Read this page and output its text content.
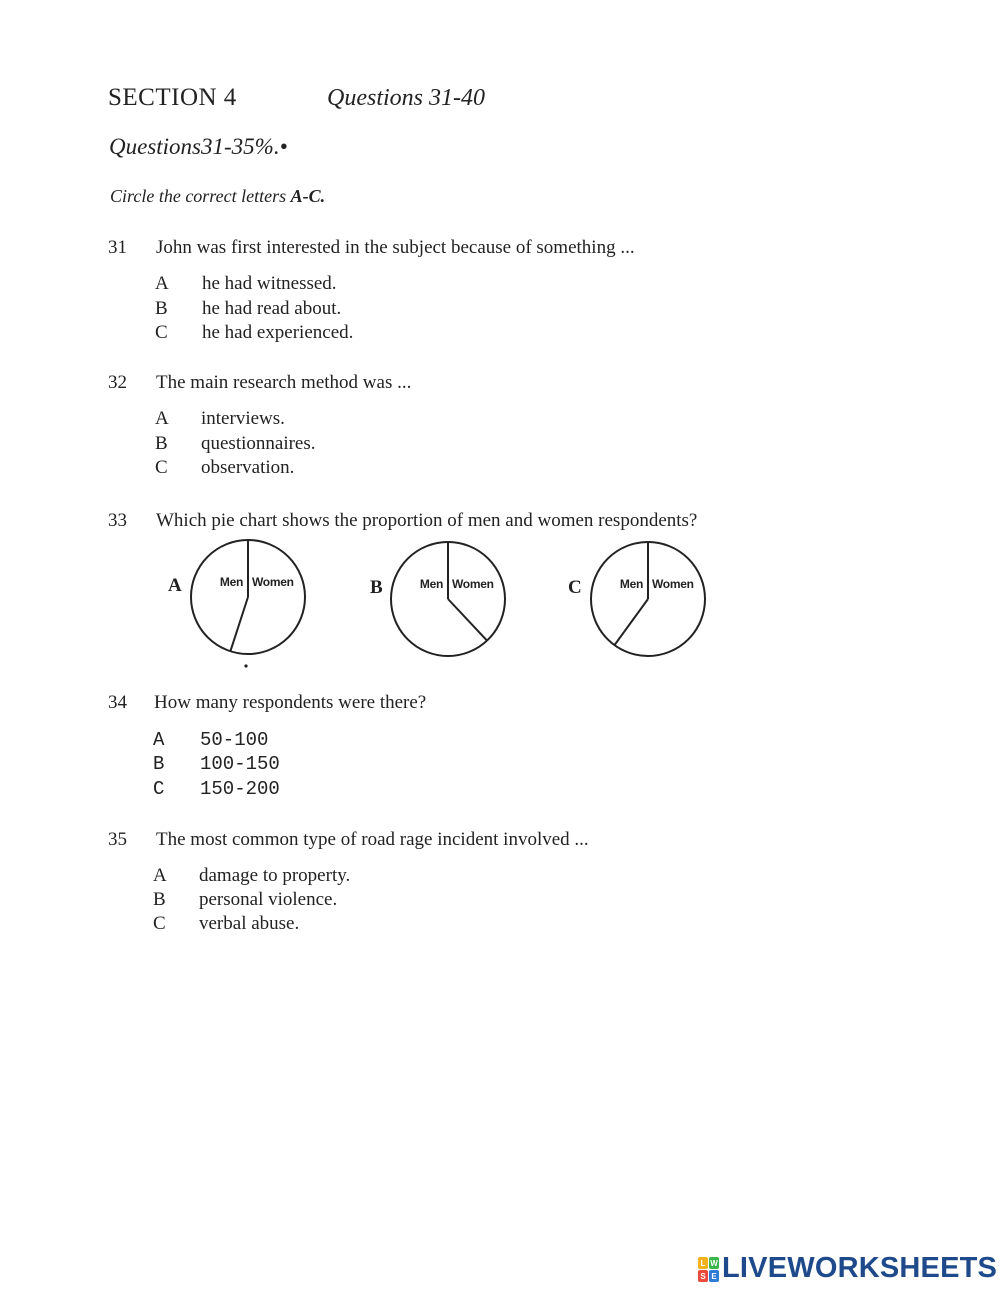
SECTION 4	Questions 31-40
Questions31-35%.•
Circle the correct letters A-C.
31 John was first interested in the subject because of something ...
A he had witnessed.
B he had read about.
C he had experienced.
32 The main research method was ...
A interviews.
B questionnaires.
C observation.
33 Which pie chart shows the proportion of men and women respondents?
A	Men Women	B	Men Women	C	Men Women
34 How many respondents were there?
A 50-100
B 100-150
C 150-200
35 The most common type of road rage incident involved ...
A damage to property.
B personal violence.
C verbal abuse.
L W
S E LIVEWORKSHEETS
